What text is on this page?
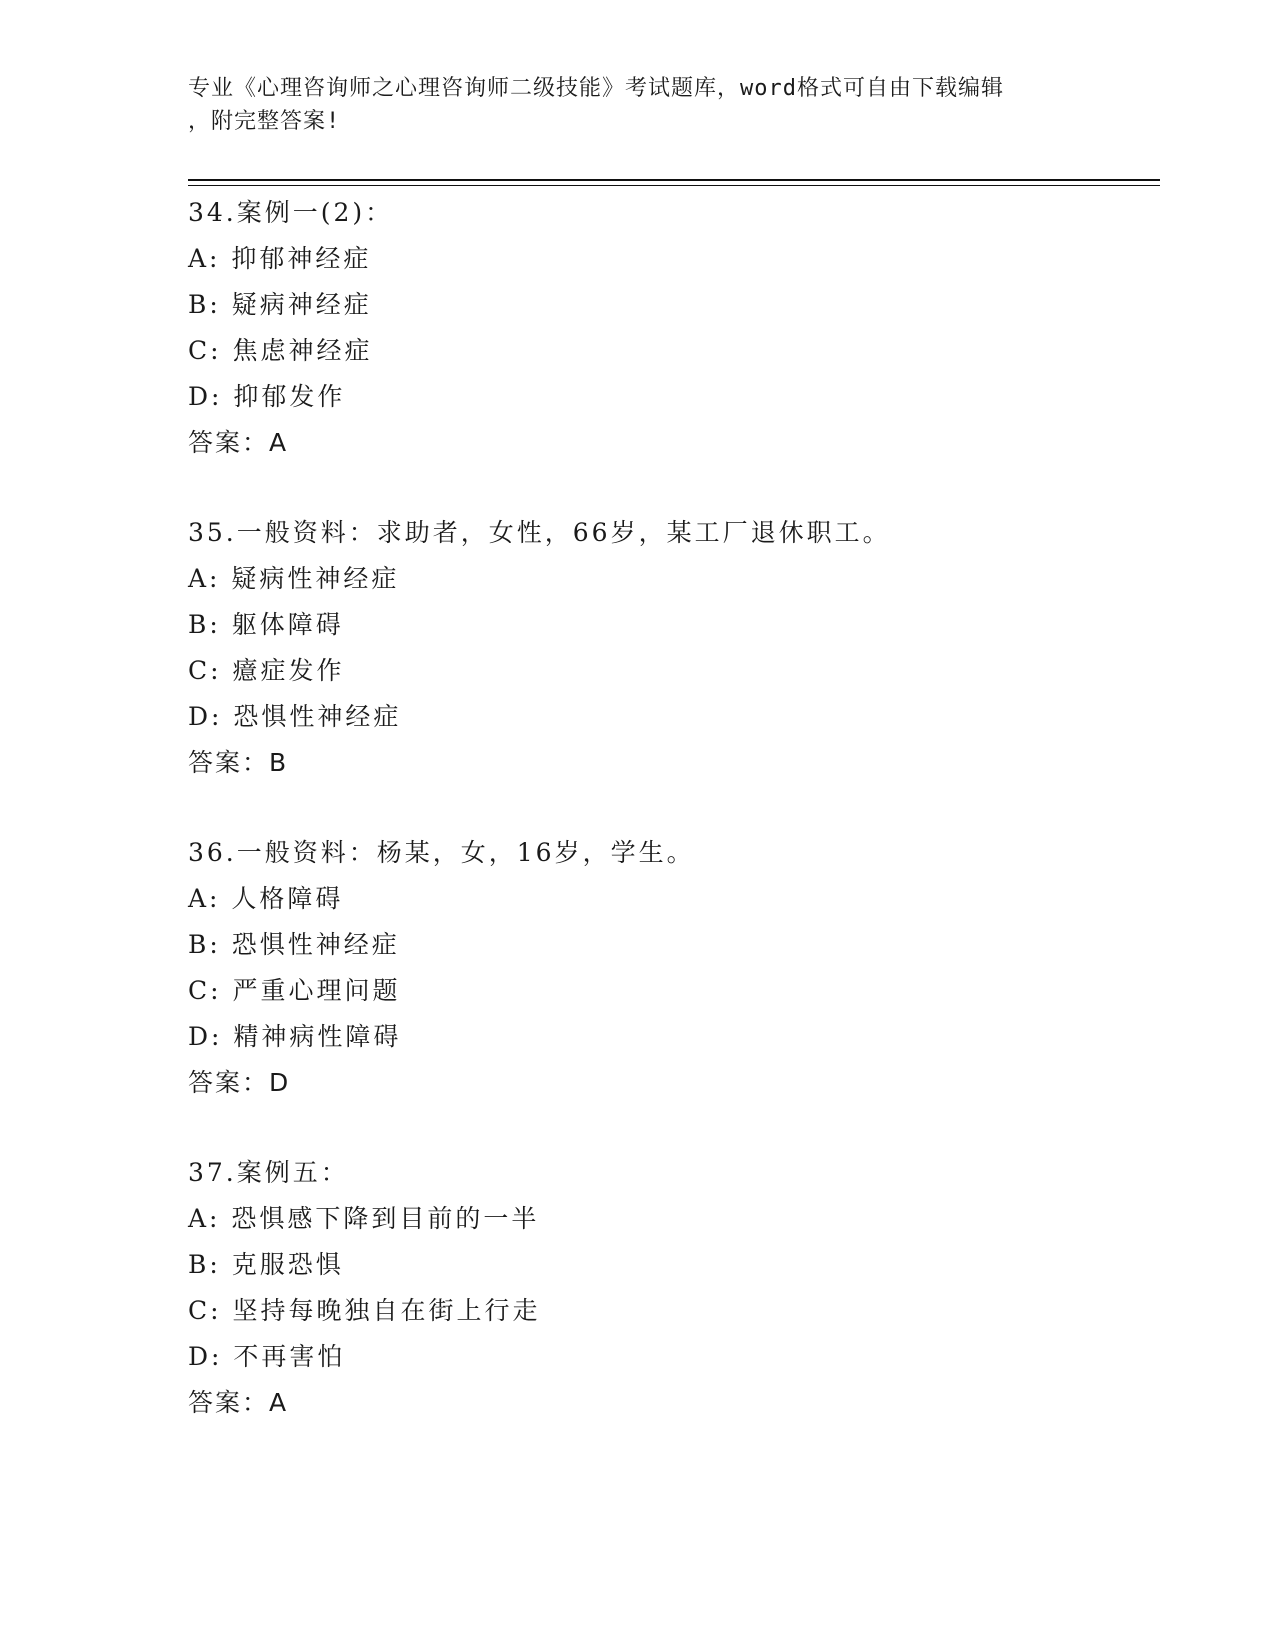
专业《心理咨询师之心理咨询师二级技能》考试题库，word格式可自由下载编辑
，附完整答案!
34.案例一(2)：
A: 抑郁神经症
B: 疑病神经症
C: 焦虑神经症
D: 抑郁发作
答案：A
35.一般资料：求助者，女性，66岁，某工厂退休职工。
A: 疑病性神经症
B: 躯体障碍
C: 癔症发作
D: 恐惧性神经症
答案：B
36.一般资料：杨某，女，16岁，学生。
A: 人格障碍
B: 恐惧性神经症
C: 严重心理问题
D: 精神病性障碍
答案：D
37.案例五：
A: 恐惧感下降到目前的一半
B: 克服恐惧
C: 坚持每晚独自在街上行走
D: 不再害怕
答案：A
